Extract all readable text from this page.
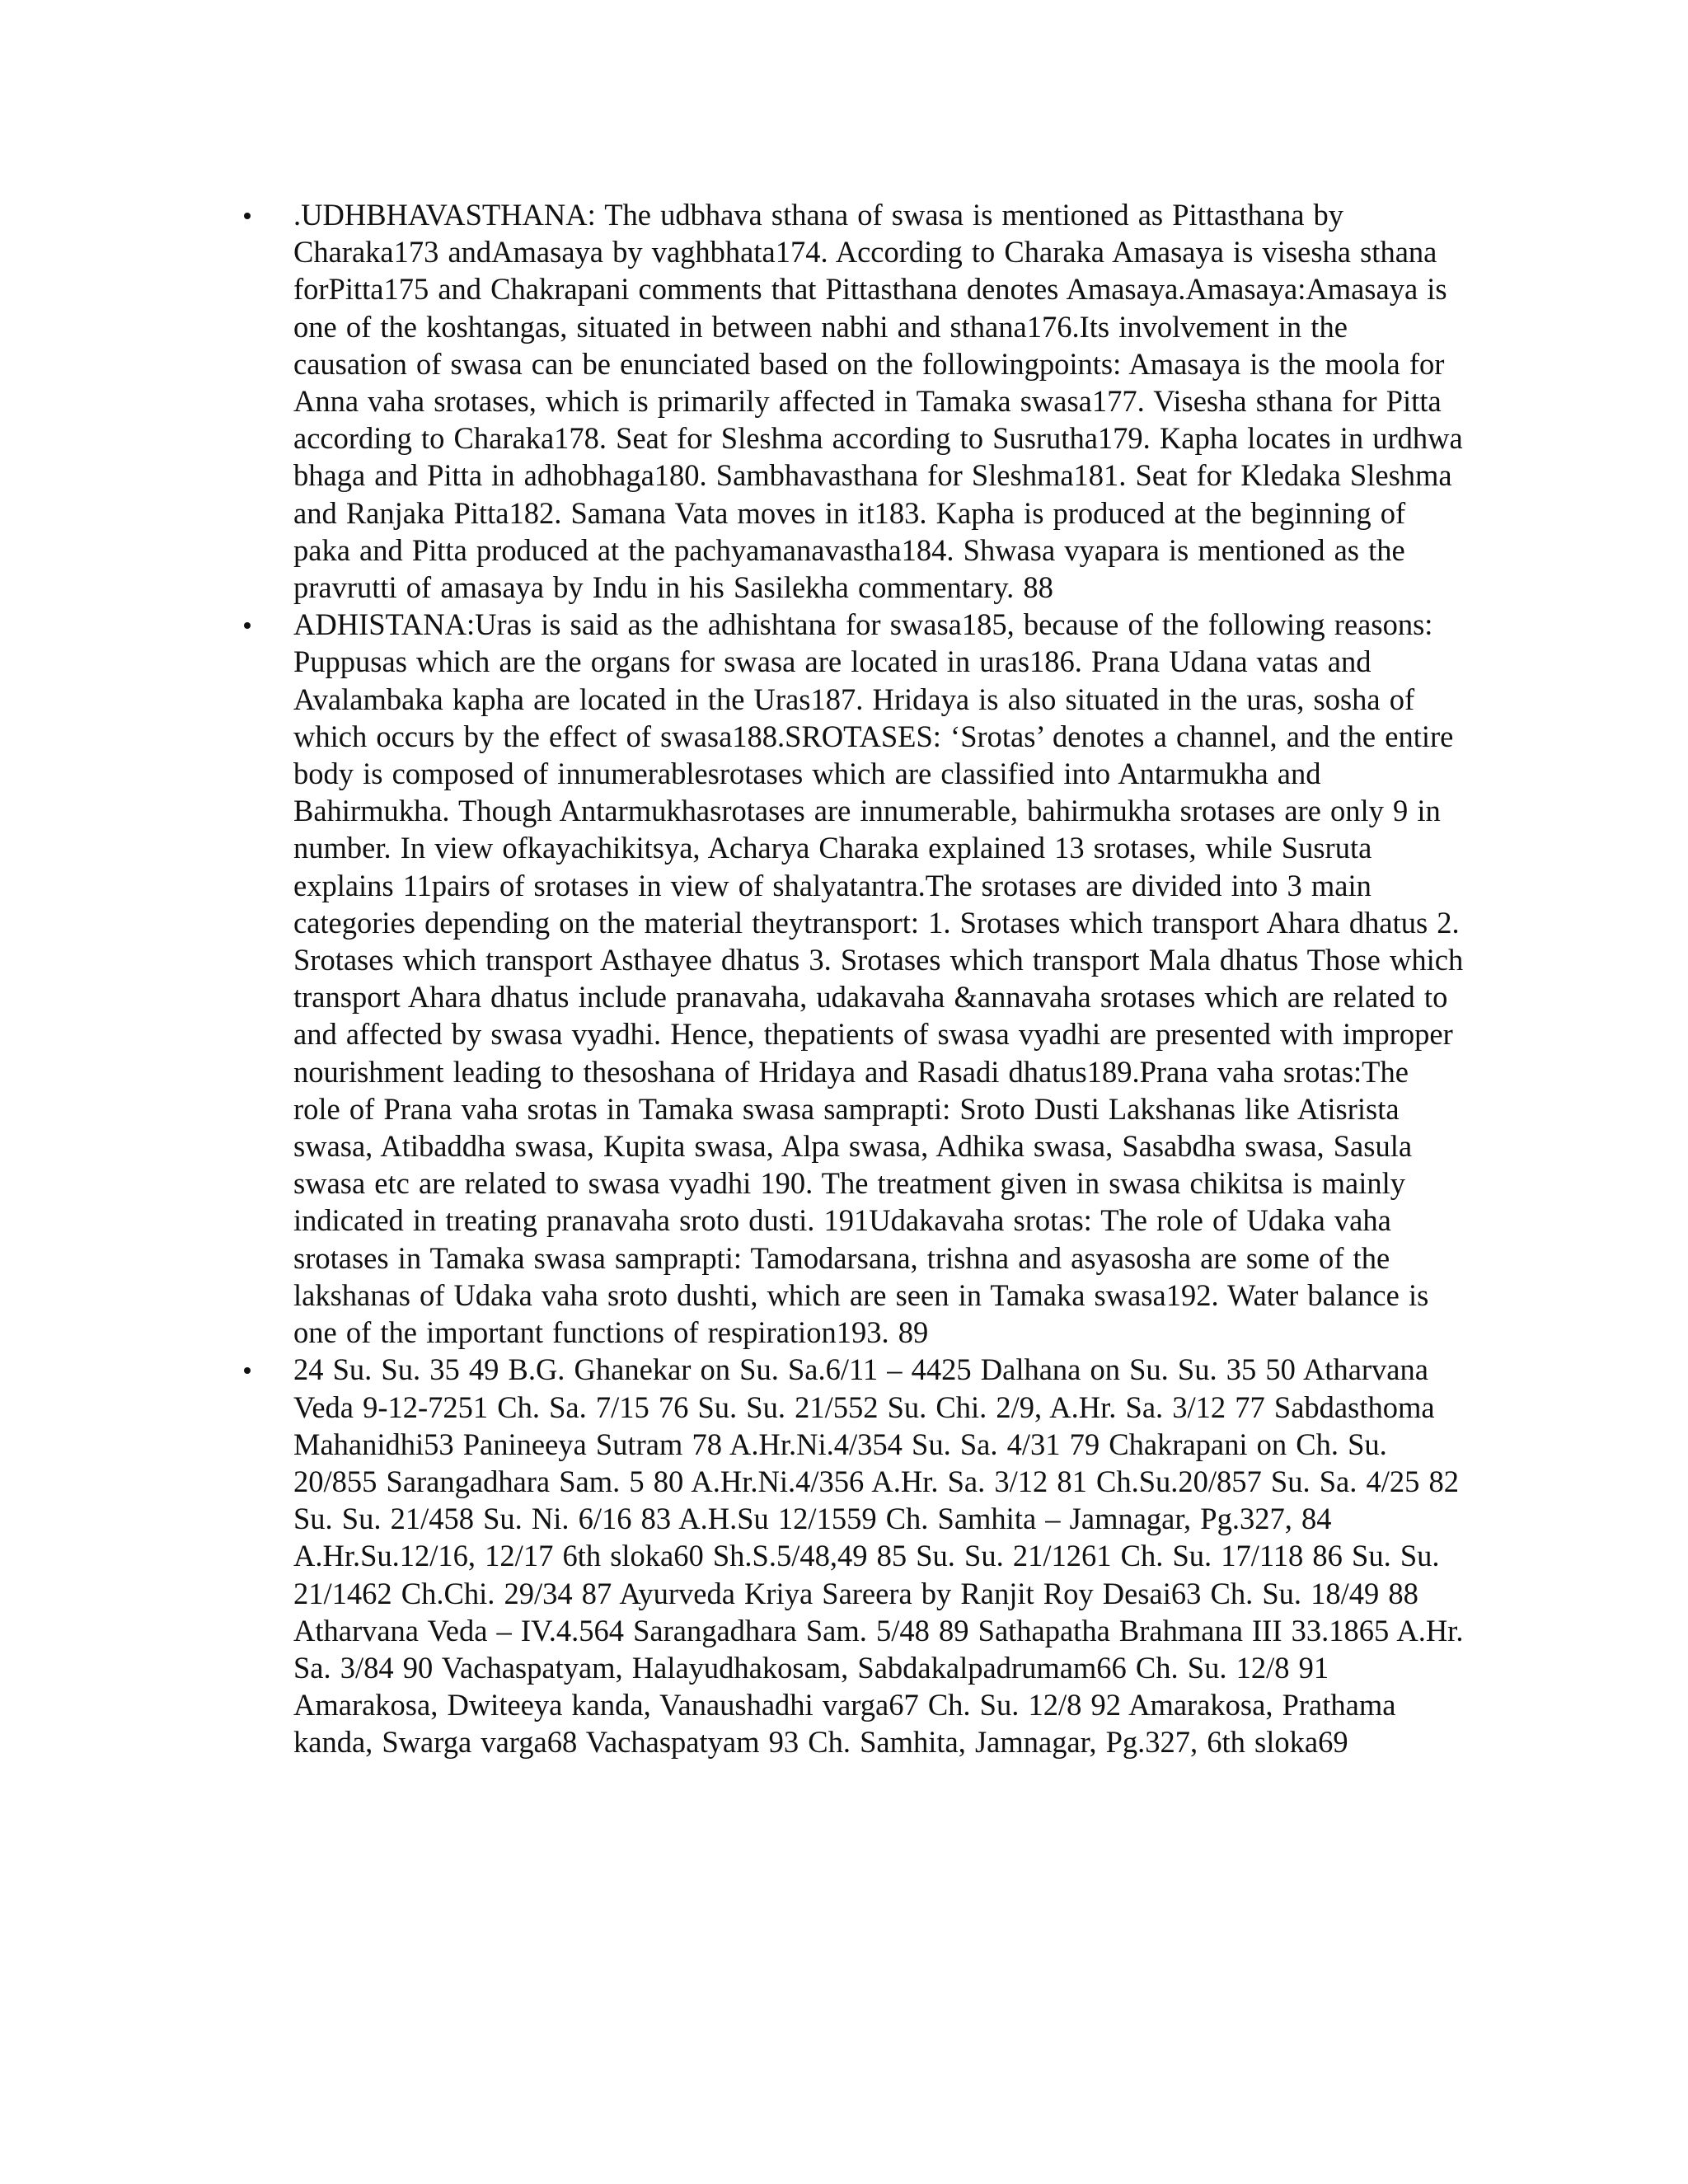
.UDHBHAVASTHANA: The udbhava sthana of swasa is mentioned as Pittasthana by Charaka173 andAmasaya by vaghbhata174. According to Charaka Amasaya is visesha sthana forPitta175 and Chakrapani comments that Pittasthana denotes Amasaya.Amasaya:Amasaya is one of the koshtangas, situated in between nabhi and sthana176.Its involvement in the causation of swasa can be enunciated based on the followingpoints: Amasaya is the moola for Anna vaha srotases, which is primarily affected in Tamaka swasa177. Visesha sthana for Pitta according to Charaka178. Seat for Sleshma according to Susrutha179. Kapha locates in urdhwa bhaga and Pitta in adhobhaga180. Sambhavasthana for Sleshma181. Seat for Kledaka Sleshma and Ranjaka Pitta182. Samana Vata moves in it183. Kapha is produced at the beginning of paka and Pitta produced at the pachyamanavastha184. Shwasa vyapara is mentioned as the pravrutti of amasaya by Indu in his Sasilekha commentary. 88
ADHISTANA:Uras is said as the adhishtana for swasa185, because of the following reasons: Puppusas which are the organs for swasa are located in uras186. Prana Udana vatas and Avalambaka kapha are located in the Uras187. Hridaya is also situated in the uras, sosha of which occurs by the effect of swasa188.SROTASES: ‘Srotas’ denotes a channel, and the entire body is composed of innumerablesrotases which are classified into Antarmukha and Bahirmukha. Though Antarmukhasrotases are innumerable, bahirmukha srotases are only 9 in number. In view ofkayachikitsya, Acharya Charaka explained 13 srotases, while Susruta explains 11pairs of srotases in view of shalyatantra.The srotases are divided into 3 main categories depending on the material theytransport: 1. Srotases which transport Ahara dhatus 2. Srotases which transport Asthayee dhatus 3. Srotases which transport Mala dhatus Those which transport Ahara dhatus include pranavaha, udakavaha &annavaha srotases which are related to and affected by swasa vyadhi. Hence, thepatients of swasa vyadhi are presented with improper nourishment leading to thesoshana of Hridaya and Rasadi dhatus189.Prana vaha srotas:The role of Prana vaha srotas in Tamaka swasa samprapti: Sroto Dusti Lakshanas like Atisrista swasa, Atibaddha swasa, Kupita swasa, Alpa swasa, Adhika swasa, Sasabdha swasa, Sasula swasa etc are related to swasa vyadhi 190. The treatment given in swasa chikitsa is mainly indicated in treating pranavaha sroto dusti. 191Udakavaha srotas: The role of Udaka vaha srotases in Tamaka swasa samprapti: Tamodarsana, trishna and asyasosha are some of the lakshanas of Udaka vaha sroto dushti, which are seen in Tamaka swasa192. Water balance is one of the important functions of respiration193. 89
24 Su. Su. 35 49 B.G. Ghanekar on Su. Sa.6/11 – 4425 Dalhana on Su. Su. 35 50 Atharvana Veda 9-12-7251 Ch. Sa. 7/15 76 Su. Su. 21/552 Su. Chi. 2/9, A.Hr. Sa. 3/12 77 Sabdasthoma Mahanidhi53 Panineeya Sutram 78 A.Hr.Ni.4/354 Su. Sa. 4/31 79 Chakrapani on Ch. Su. 20/855 Sarangadhara Sam. 5 80 A.Hr.Ni.4/356 A.Hr. Sa. 3/12 81 Ch.Su.20/857 Su. Sa. 4/25 82 Su. Su. 21/458 Su. Ni. 6/16 83 A.H.Su 12/1559 Ch. Samhita – Jamnagar, Pg.327, 84 A.Hr.Su.12/16, 12/17 6th sloka60 Sh.S.5/48,49 85 Su. Su. 21/1261 Ch. Su. 17/118 86 Su. Su. 21/1462 Ch.Chi. 29/34 87 Ayurveda Kriya Sareera by Ranjit Roy Desai63 Ch. Su. 18/49 88 Atharvana Veda – IV.4.564 Sarangadhara Sam. 5/48 89 Sathapatha Brahmana III 33.1865 A.Hr. Sa. 3/84 90 Vachaspatyam, Halayudhakosam, Sabdakalpadrumam66 Ch. Su. 12/8 91 Amarakosa, Dwiteeya kanda, Vanaushadhi varga67 Ch. Su. 12/8 92 Amarakosa, Prathama kanda, Swarga varga68 Vachaspatyam 93 Ch. Samhita, Jamnagar, Pg.327, 6th sloka69
